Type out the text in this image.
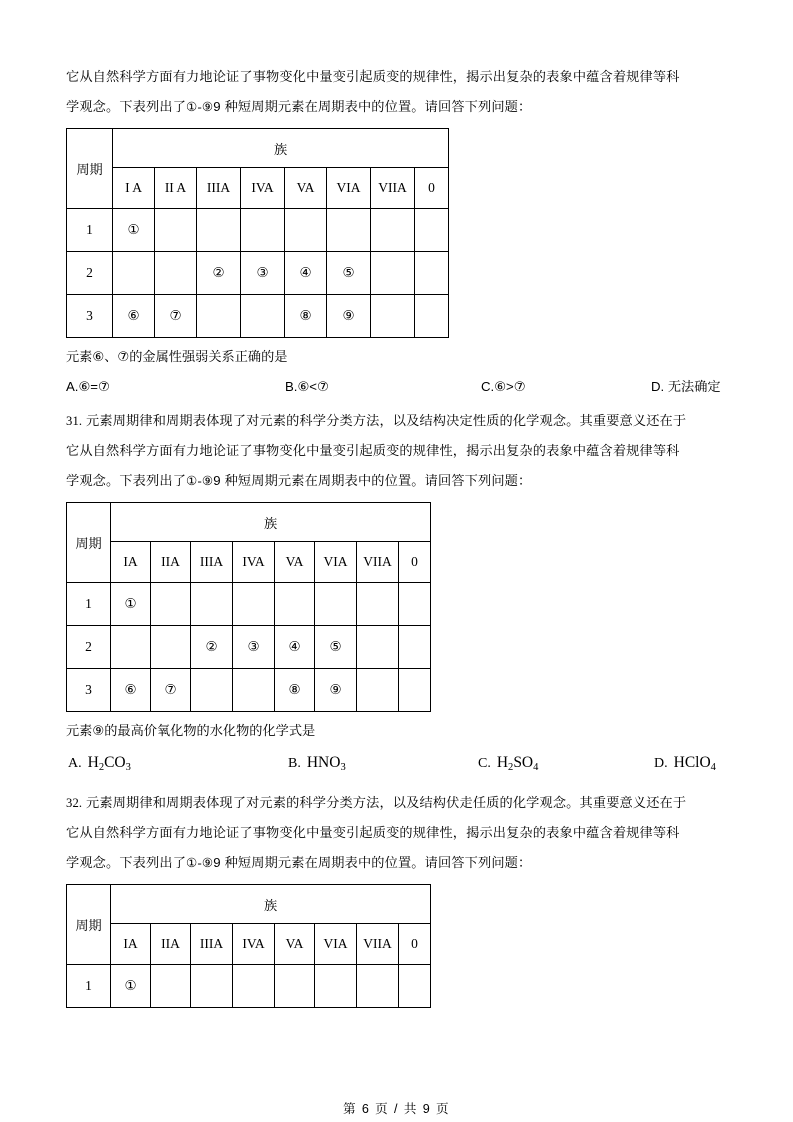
它从自然科学方面有力地论证了事物变化中量变引起质变的规律性，揭示出复杂的表象中蕴含着规律等科

学观念。下表列出了①-⑨9 种短周期元素在周期表中的位置。请回答下列问题：

周期	族							
	I A	II A	IIIA	IVA	VA	VIA	VIIA	0
1	①							
2			②	③	④	⑤		
3	⑥	⑦			⑧	⑨		

元素⑥、⑦的金属性强弱关系正确的是

A.⑥=⑦	B.⑥<⑦	C.⑥>⑦	D. 无法确定

31. 元素周期律和周期表体现了对元素的科学分类方法，以及结构决定性质的化学观念。其重要意义还在于

它从自然科学方面有力地论证了事物变化中量变引起质变的规律性，揭示出复杂的表象中蕴含着规律等科

学观念。下表列出了①-⑨9 种短周期元素在周期表中的位置。请回答下列问题：

周期	族							
	IA	IIA	IIIA	IVA	VA	VIA	VIIA	0
1	①							
2			②	③	④	⑤		
3	⑥	⑦			⑧	⑨		

元素⑨的最高价氧化物的水化物的化学式是

A. $H_2CO_3$	B. $HNO_3$	C. $H_2SO_4$	D. HClO$_4$

32. 元素周期律和周期表体现了对元素的科学分类方法，以及结构伏走任质的化学观念。其重要意义还在于

它从自然科学方面有力地论证了事物变化中量变引起质变的规律性，揭示出复杂的表象中蕴含着规律等科

学观念。下表列出了①-⑨9 种短周期元素在周期表中的位置。请回答下列问题：

周期	族							
	IA	IIA	IIIA	IVA	VA	VIA	VIIA	0
1	①							
第 6 页 / 共 9 页
